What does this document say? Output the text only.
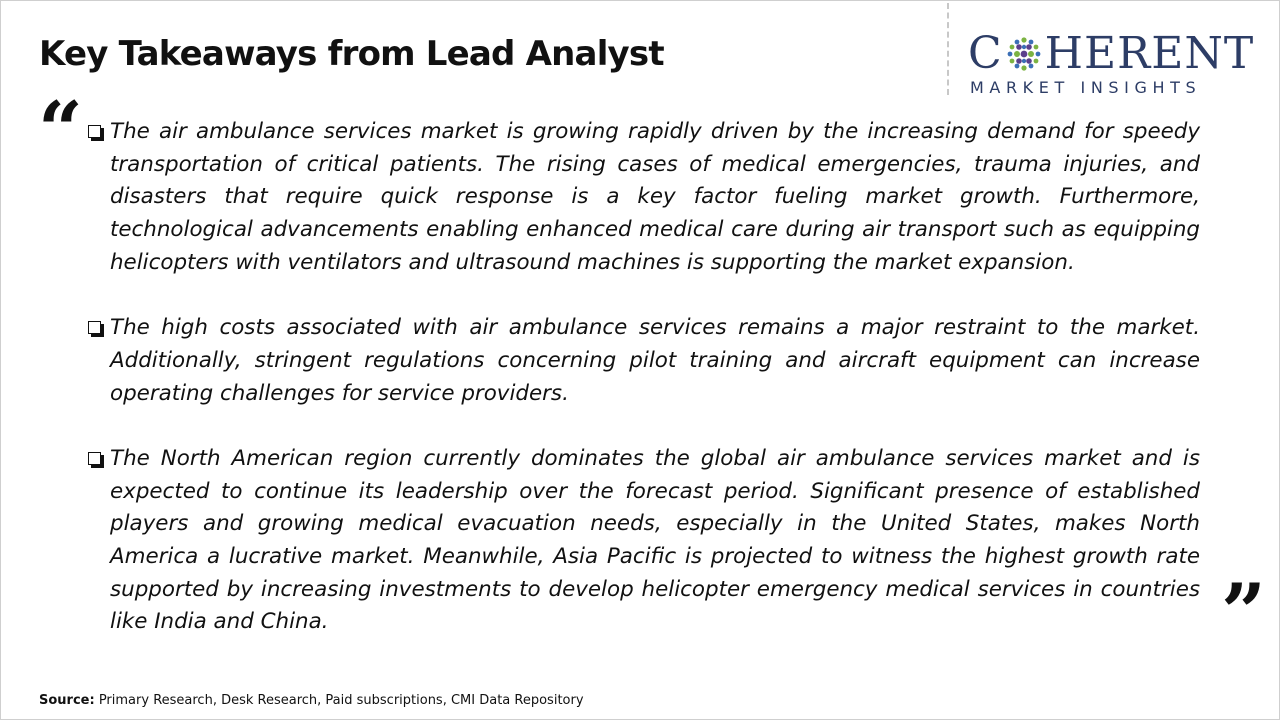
Key Takeaways from Lead Analyst	C HERENT
MARKET INSIGHTS
“	The air ambulance services market is growing rapidly driven by the increasing demand for speedy transportation of critical patients. The rising cases of medical emergencies, trauma injuries, and disasters that require quick response is a key factor fueling market growth. Furthermore, technological advancements enabling enhanced medical care during air transport such as equipping helicopters with ventilators and ultrasound machines is supporting the market expansion.
The high costs associated with air ambulance services remains a major restraint to the market. Additionally, stringent regulations concerning pilot training and aircraft equipment can increase operating challenges for service providers.
The North American region currently dominates the global air ambulance services market and is expected to continue its leadership over the forecast period. Significant presence of established players and growing medical evacuation needs, especially in the United States, makes North America a lucrative market. Meanwhile, Asia Pacific is projected to witness the highest growth rate supported by increasing investments to develop helicopter emergency medical services in countries like India and China.	”
Source: Primary Research, Desk Research, Paid subscriptions, CMI Data Repository
